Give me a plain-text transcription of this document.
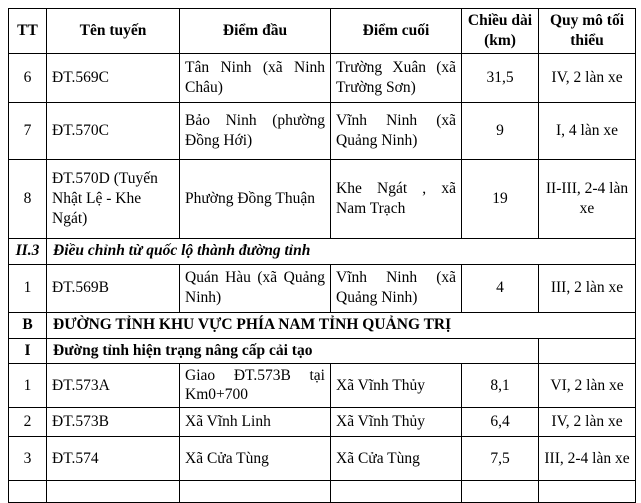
TT	Tên tuyến	Điểm đầu	Điểm cuối	Chiều dài (km)	Quy mô tối thiểu
6	ĐT.569C	Tân Ninh (xã Ninh Châu)	Trường Xuân (xã Trường Sơn)	31,5	IV, 2 làn xe
7	ĐT.570C	Bảo Ninh (phường Đồng Hới)	Vĩnh Ninh (xã Quảng Ninh)	9	I, 4 làn xe
8	ĐT.570D (Tuyến Nhật Lệ - Khe Ngát)	Phường Đồng Thuận	Khe Ngát , xã Nam Trạch	19	II-III, 2-4 làn xe
II.3	Điều chỉnh từ quốc lộ thành đường tỉnh				
1	ĐT.569B	Quán Hàu (xã Quảng Ninh)	Vĩnh Ninh (xã Quảng Ninh)	4	III, 2 làn xe
B	ĐƯỜNG TỈNH KHU VỰC PHÍA NAM TỈNH QUẢNG TRỊ				
I	Đường tỉnh hiện trạng nâng cấp cải tạo				
1	ĐT.573A	Giao ĐT.573B tại Km0+700	Xã Vĩnh Thủy	8,1	VI, 2 làn xe
2	ĐT.573B	Xã Vĩnh Linh	Xã Vĩnh Thủy	6,4	IV, 2 làn xe
3	ĐT.574	Xã Cửa Tùng	Xã Cửa Tùng	7,5	III, 2-4 làn xe
